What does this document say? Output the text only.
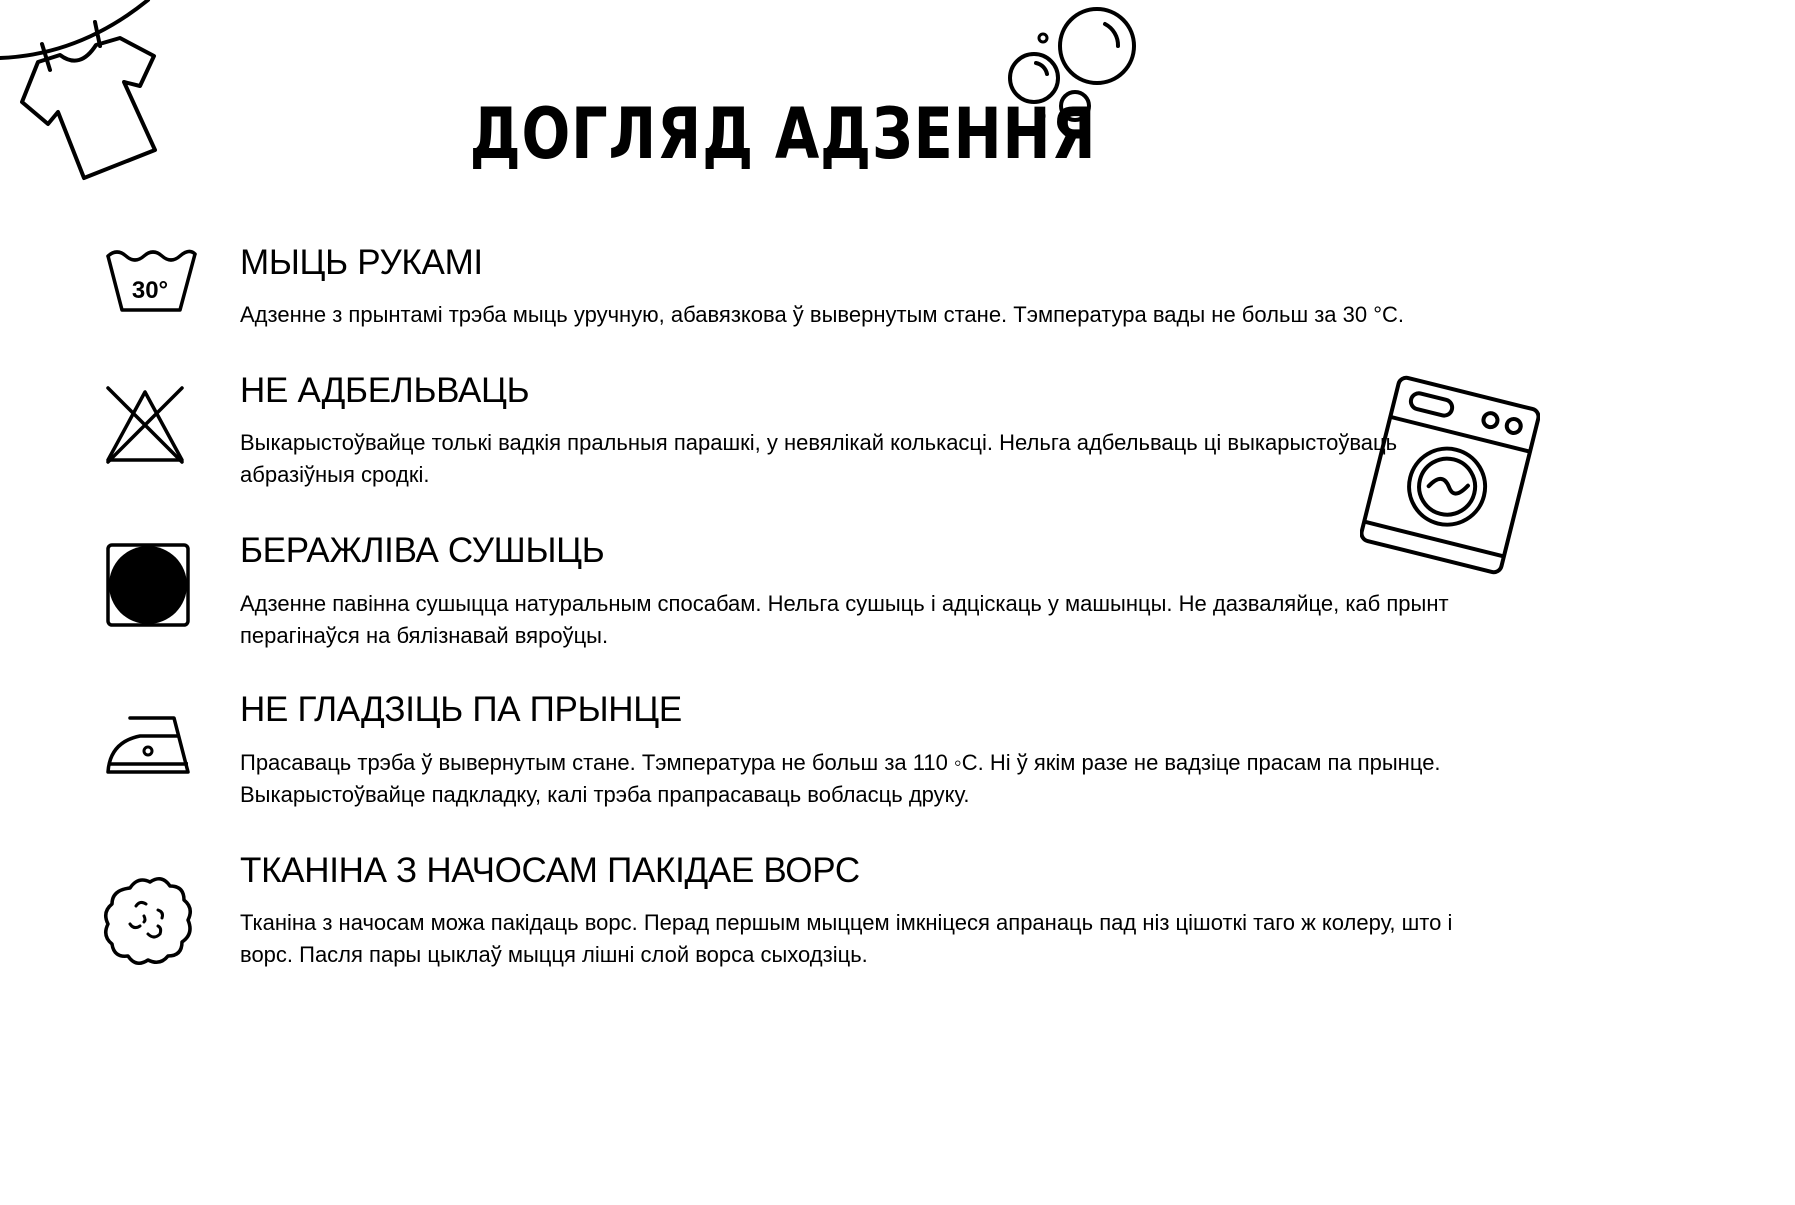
ДОГЛЯД АДЗЕННЯ
30°
МЫЦЬ РУКАМІ

Адзенне з прынтамі трэба мыць уручную, абавязкова ў вывернутым стане. Тэмпература вады не больш за 30 °С.

НЕ АДБЕЛЬВАЦЬ

Выкарыстоўвайце толькі вадкія пральныя парашкі, у невялікай колькасці. Нельга адбельваць ці выкарыстоўваць абразіўныя сродкі.

БЕРАЖЛІВА СУШЫЦЬ

Адзенне павінна сушыцца натуральным спосабам. Нельга сушыць і адціскаць у машынцы. Не дазваляйце, каб прынт перагінаўся на бялізнавай вяроўцы.

НЕ ГЛАДЗІЦЬ ПА ПРЫНЦЕ

Прасаваць трэба ў вывернутым стане. Тэмпература не больш за 110 ◦С. Ні ў якім разе не вадзіце прасам па прынце. Выкарыстоўвайце падкладку, калі трэба прапрасаваць вобласць друку.

ТКАНІНА З НАЧОСАМ ПАКІДАЕ ВОРС

Тканіна з начосам можа пакідаць ворс. Перад першым мыццем імкніцеся апранаць пад ніз цішоткі таго ж колеру, што і ворс. Пасля пары цыклаў мыцця лішні слой ворса сыходзіць.
